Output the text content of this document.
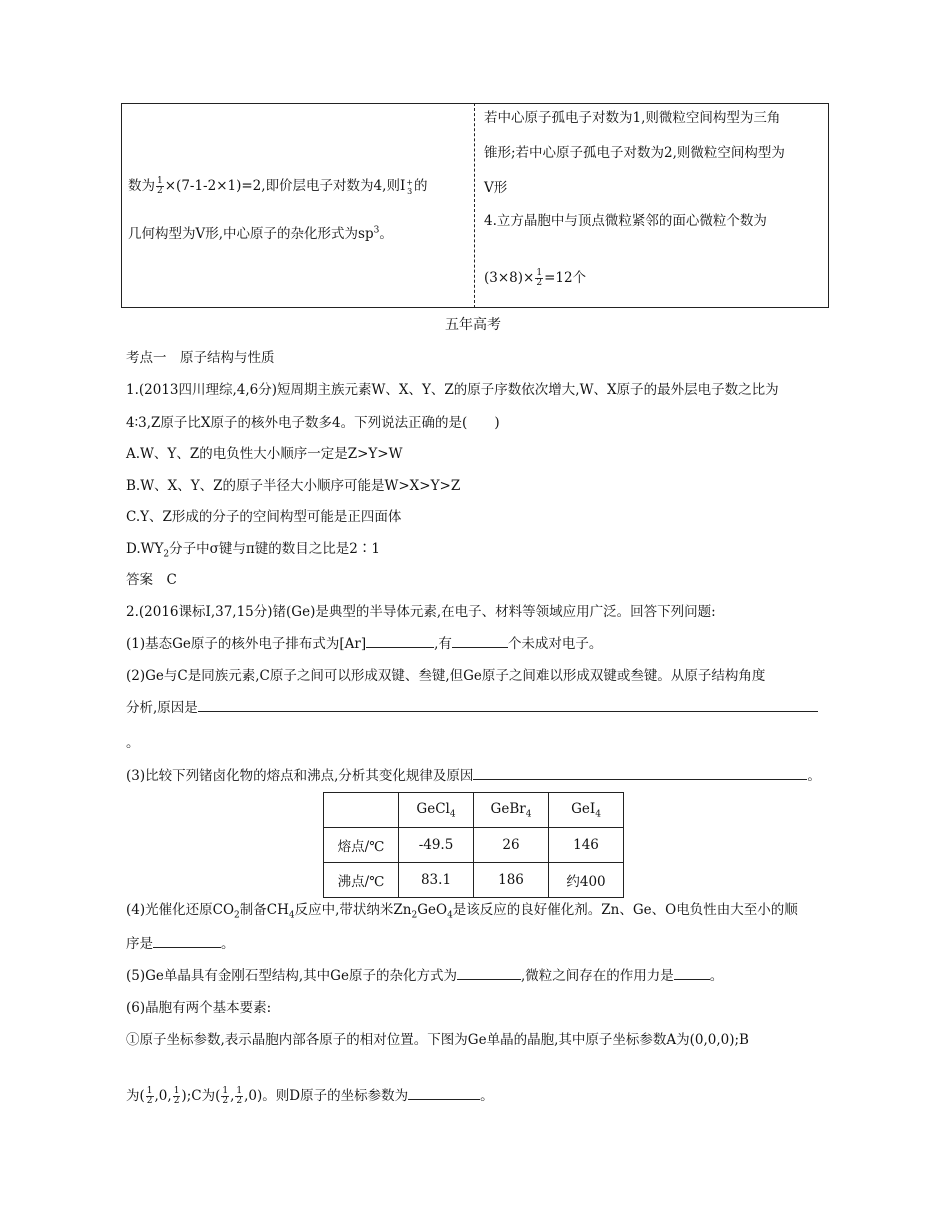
数为 $\frac{1}{2} \times(7-1-2\times 1)=2$,即价层电子对数为4,则I +
3 的
几何构型为V形,中心原子的杂化形式为$sp^3$。
若中心原子孤电子对数为1,则微粒空间构型为三角
锥形;若中心原子孤电子对数为2,则微粒空间构型为
V形
4.立方晶胞中与顶点微粒紧邻的面心微粒个数为
$(3\times 8)\times \frac{1}{2} =12$个
五年高考
考点一　原子结构与性质
1.(2013四川理综,4,6分)短周期主族元素W、X、Y、Z的原子序数依次增大,W、X原子的最外层电子数之比为
4∶3,Z原子比X原子的核外电子数多4。下列说法正确的是(　　)
A.W、Y、Z的电负性大小顺序一定是Z>Y>W
B.W、X、Y、Z的原子半径大小顺序可能是W>X>Y>Z
C.Y、Z形成的分子的空间构型可能是正四面体
$D.WY_2$分子中σ键与π键的数目之比是2∶1
答案　C
2.(2016课标Ⅰ,37,15分)锗(Ge)是典型的半导体元素,在电子、材料等领域应用广泛。回答下列问题:
(1)基态Ge原子的核外电子排布式为[Ar]	,有	个未成对电子。
(2)Ge与C是同族元素,C原子之间可以形成双键、叁键,但Ge原子之间难以形成双键或叁键。从原子结构角度
分析,原因是
。
(3)比较下列锗卤化物的熔点和沸点,分析其变化规律及原因	。
	GeCl$_4$	GeBr$_4$	GeI$_4$
熔点/℃	-49.5	26	146
沸点/℃	83.1	186	约400
(4)光催化还原$CO_2$制备$CH_4$反应中,带状纳米$Zn_2GeO_4$是该反应的良好催化剂。Zn、Ge、O电负性由大至小的顺
序是	。
(5)Ge单晶具有金刚石型结构,其中Ge原子的杂化方式为	,微粒之间存在的作用力是	。
(6)晶胞有两个基本要素:
①原子坐标参数,表示晶胞内部各原子的相对位置。下图为Ge单晶的晶胞,其中原子坐标参数A为(0,0,0);B
为( $\frac{1}{2} ,0$, $\frac{1}{2}$ );C为( $\frac{1}{2}$ , $\frac{1}{2} ,0$)。则D原子的坐标参数为	。
